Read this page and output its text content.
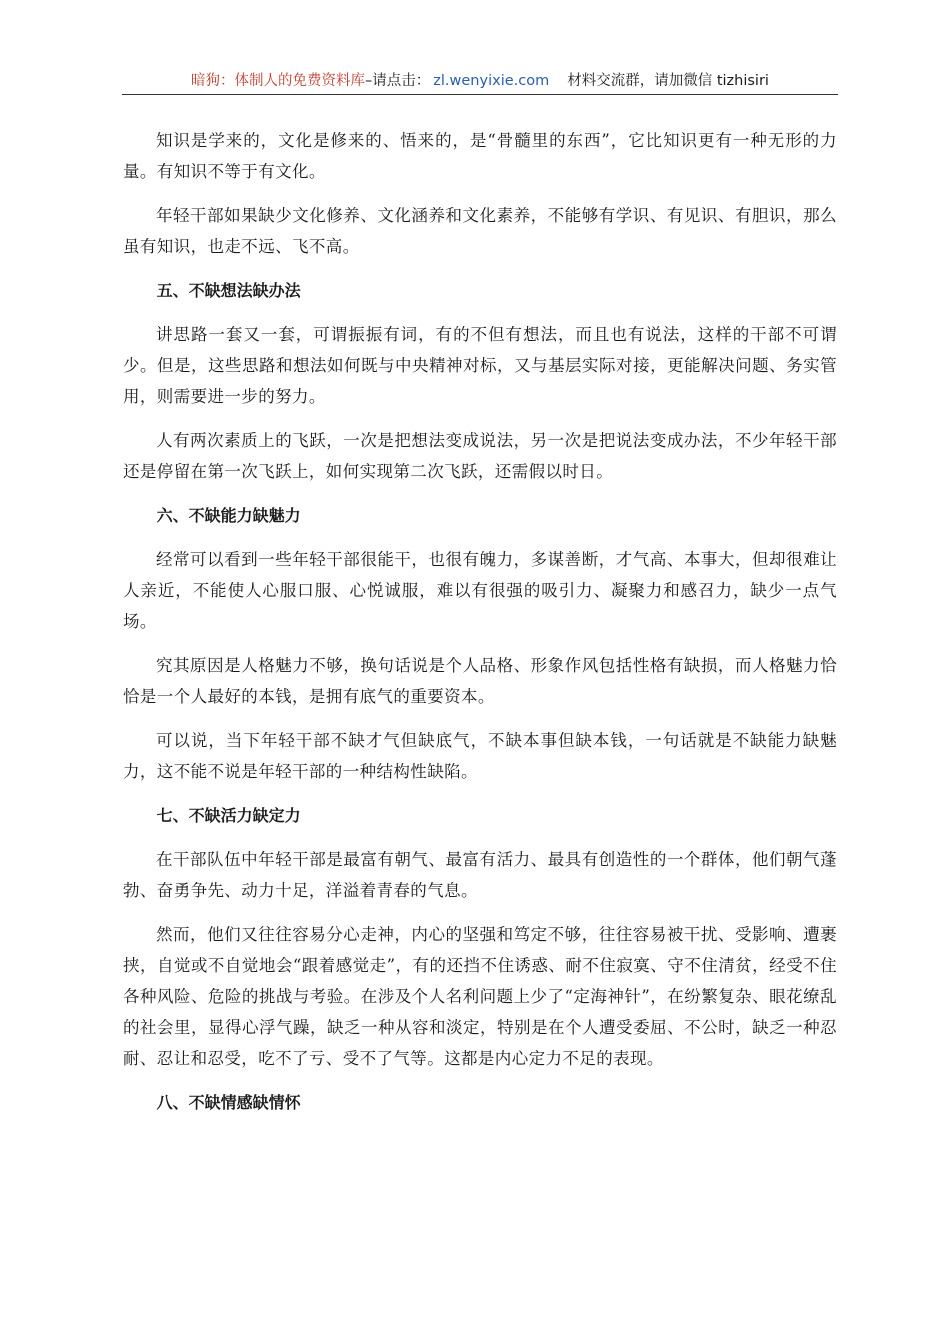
暗狗：体制人的免费资料库–请点击： zl.wenyixie.com 材料交流群，请加微信 tizhisiri

知识是学来的，文化是修来的、悟来的，是“骨髓里的东西”，它比知识更有一种无形的力量。有知识不等于有文化。

年轻干部如果缺少文化修养、文化涵养和文化素养，不能够有学识、有见识、有胆识，那么虽有知识，也走不远、飞不高。

五、不缺想法缺办法

讲思路一套又一套，可谓振振有词，有的不但有想法，而且也有说法，这样的干部不可谓少。但是，这些思路和想法如何既与中央精神对标，又与基层实际对接，更能解决问题、务实管用，则需要进一步的努力。

人有两次素质上的飞跃，一次是把想法变成说法，另一次是把说法变成办法，不少年轻干部还是停留在第一次飞跃上，如何实现第二次飞跃，还需假以时日。

六、不缺能力缺魅力

经常可以看到一些年轻干部很能干，也很有魄力，多谋善断，才气高、本事大，但却很难让人亲近，不能使人心服口服、心悦诚服，难以有很强的吸引力、凝聚力和感召力，缺少一点气场。

究其原因是人格魅力不够，换句话说是个人品格、形象作风包括性格有缺损，而人格魅力恰恰是一个人最好的本钱，是拥有底气的重要资本。

可以说，当下年轻干部不缺才气但缺底气，不缺本事但缺本钱，一句话就是不缺能力缺魅力，这不能不说是年轻干部的一种结构性缺陷。

七、不缺活力缺定力

在干部队伍中年轻干部是最富有朝气、最富有活力、最具有创造性的一个群体，他们朝气蓬勃、奋勇争先、动力十足，洋溢着青春的气息。

然而，他们又往往容易分心走神，内心的坚强和笃定不够，往往容易被干扰、受影响、遭裹挟，自觉或不自觉地会“跟着感觉走”，有的还挡不住诱惑、耐不住寂寞、守不住清贫，经受不住各种风险、危险的挑战与考验。在涉及个人名利问题上少了“定海神针”，在纷繁复杂、眼花缭乱的社会里，显得心浮气躁，缺乏一种从容和淡定，特别是在个人遭受委屈、不公时，缺乏一种忍耐、忍让和忍受，吃不了亏、受不了气等。这都是内心定力不足的表现。

八、不缺情感缺情怀
